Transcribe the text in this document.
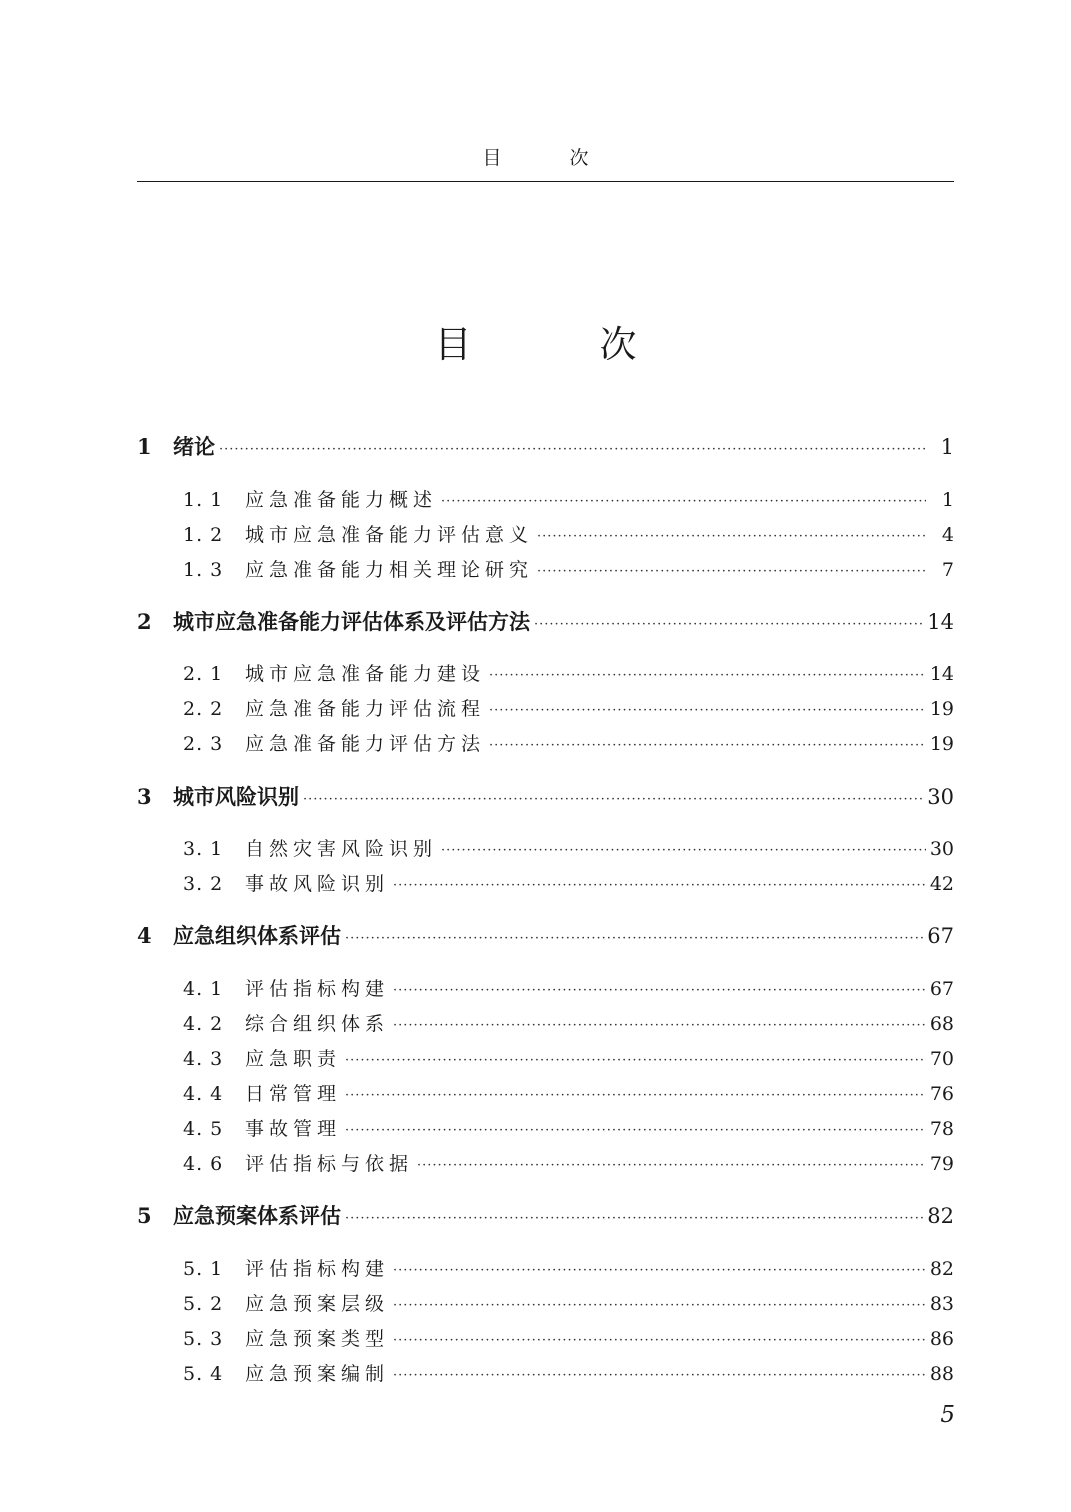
目	次
目	次
1	绪论 ·····	1
1. 1	应急准备能力概述 ·····	1
1. 2	城市应急准备能力评估意义 ·····	4
1. 3	应急准备能力相关理论研究 ·····	7
2	城市应急准备能力评估体系及评估方法 ·····	14
2. 1	城市应急准备能力建设 ·····	14
2. 2	应急准备能力评估流程 ·····	19
2. 3	应急准备能力评估方法 ·····	19
3	城市风险识别 ·····	30
3. 1	自然灾害风险识别 ·····	30
3. 2	事故风险识别 ·····	42
4	应急组织体系评估 ·····	67
4. 1	评估指标构建 ·····	67
4. 2	综合组织体系 ·····	68
4. 3	应急职责 ·····	70
4. 4	日常管理 ·····	76
4. 5	事故管理 ·····	78
4. 6	评估指标与依据 ·····	79
5	应急预案体系评估 ·····	82
5. 1	评估指标构建 ·····	82
5. 2	应急预案层级 ·····	83
5. 3	应急预案类型 ·····	86
5. 4	应急预案编制 ·····	88
5
